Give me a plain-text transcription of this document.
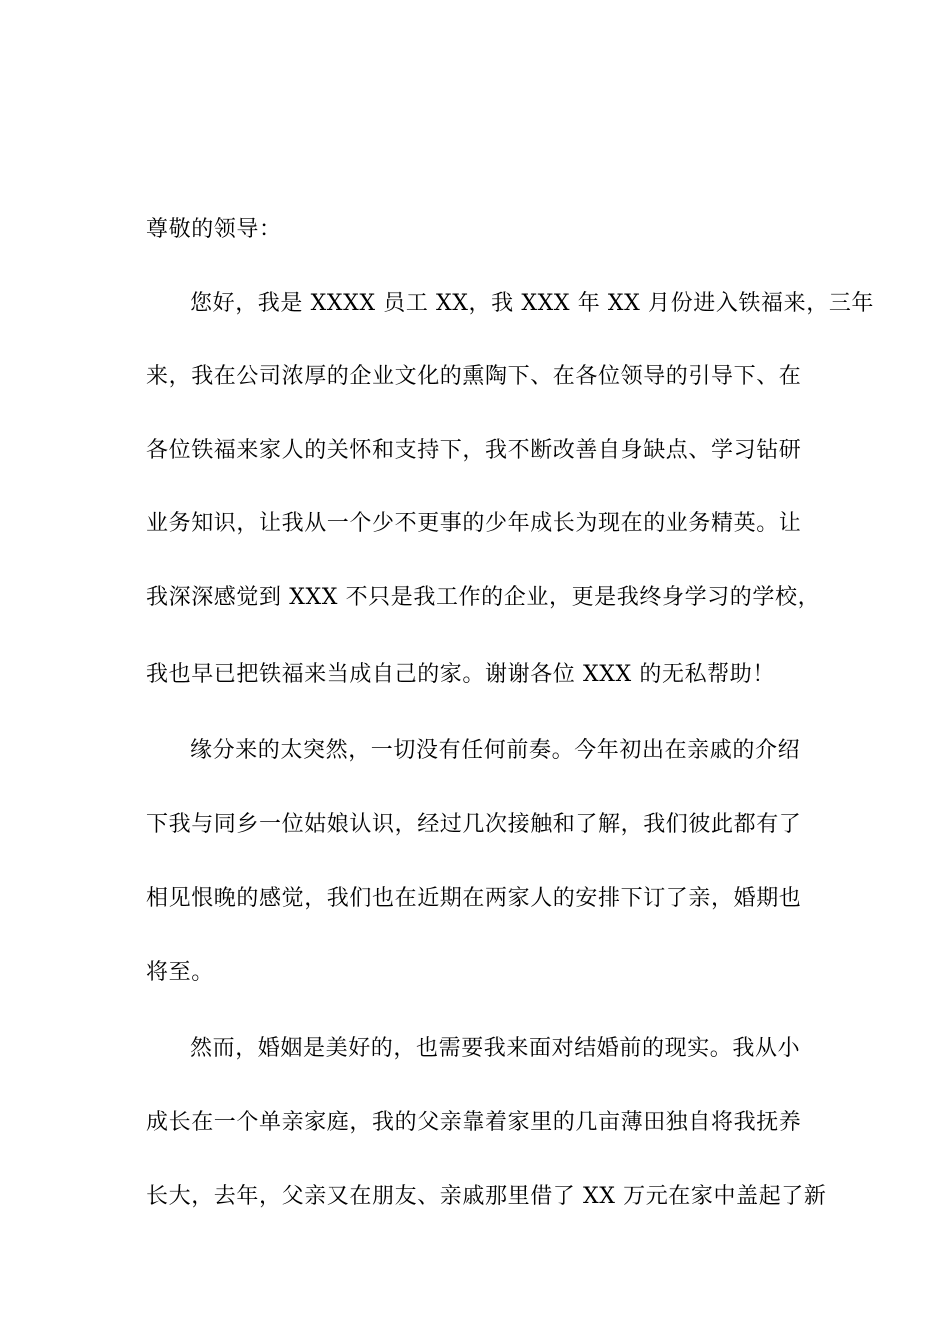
尊敬的领导：
您好，我是 XXXX 员工 XX，我 XXX 年 XX 月份进入铁福来，三年
来，我在公司浓厚的企业文化的熏陶下、在各位领导的引导下、在
各位铁福来家人的关怀和支持下，我不断改善自身缺点、学习钻研
业务知识，让我从一个少不更事的少年成长为现在的业务精英。让
我深深感觉到 XXX 不只是我工作的企业，更是我终身学习的学校，
我也早已把铁福来当成自己的家。谢谢各位 XXX 的无私帮助！
缘分来的太突然，一切没有任何前奏。今年初出在亲戚的介绍
下我与同乡一位姑娘认识，经过几次接触和了解，我们彼此都有了
相见恨晚的感觉，我们也在近期在两家人的安排下订了亲，婚期也
将至。
然而，婚姻是美好的，也需要我来面对结婚前的现实。我从小
成长在一个单亲家庭，我的父亲靠着家里的几亩薄田独自将我抚养
长大，去年，父亲又在朋友、亲戚那里借了 XX 万元在家中盖起了新
